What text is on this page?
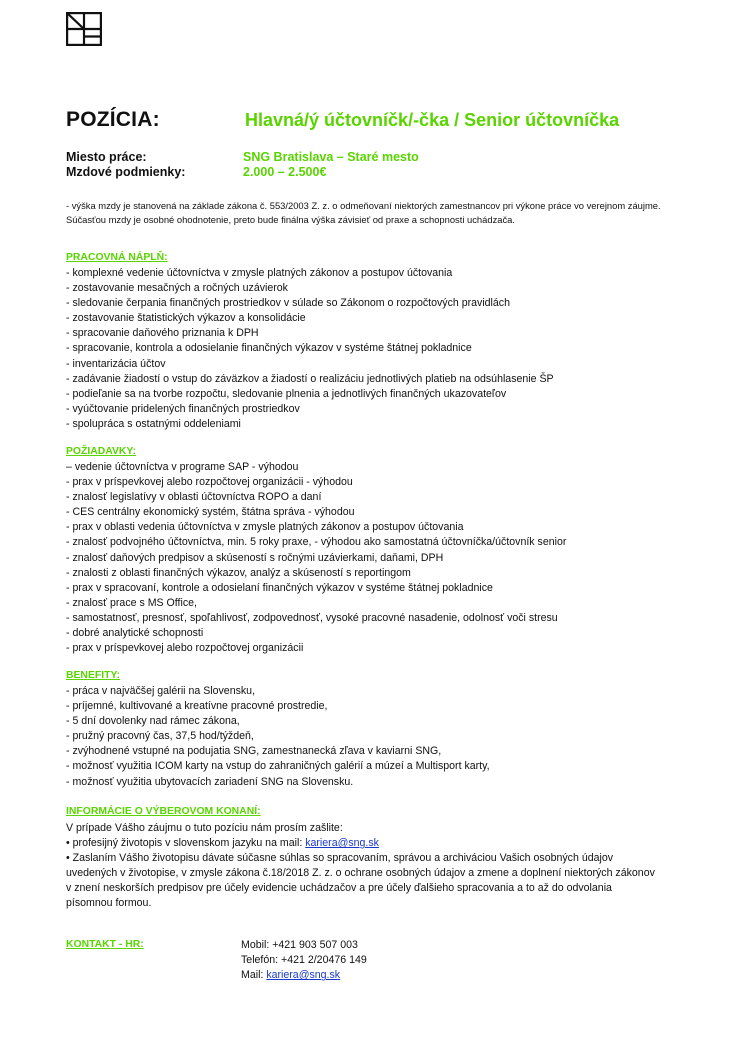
POZÍCIA:	Hlavná/ý účtovníčk/-čka / Senior účtovníčka
Miesto práce:	SNG Bratislava – Staré mesto
Mzdové podmienky:	2.000 – 2.500€
- výška mzdy je stanovená na základe zákona č. 553/2003 Z. z. o odmeňovaní niektorých zamestnancov pri výkone práce vo verejnom záujme. Súčasťou mzdy je osobné ohodnotenie, preto bude finálna výška závisieť od praxe a schopnosti uchádzača.
PRACOVNÁ NÁPLŇ:
- komplexné vedenie účtovníctva v zmysle platných zákonov a postupov účtovania
- zostavovanie mesačných a ročných uzávierok
- sledovanie čerpania finančných prostriedkov v súlade so Zákonom o rozpočtových pravidlách
- zostavovanie štatistických výkazov a konsolidácie
- spracovanie daňového priznania k DPH
- spracovanie, kontrola a odosielanie finančných výkazov v systéme štátnej pokladnice
- inventarizácia účtov
- zadávanie žiadostí o vstup do záväzkov a žiadostí o realizáciu jednotlivých platieb na odsúhlasenie ŠP
- podieľanie sa na tvorbe rozpočtu, sledovanie plnenia a jednotlivých finančných ukazovateľov
- vyúčtovanie pridelených finančných prostriedkov
- spolupráca s ostatnými oddeleniami
POŽIADAVKY:
– vedenie účtovníctva v programe SAP - výhodou
- prax v príspevkovej alebo rozpočtovej organizácii - výhodou
- znalosť legislatívy v oblasti účtovníctva ROPO a daní
- CES centrálny ekonomický systém, štátna správa - výhodou
- prax v oblasti vedenia účtovníctva v zmysle platných zákonov a postupov účtovania
- znalosť podvojného účtovníctva, min. 5 roky praxe, - výhodou ako samostatná účtovníčka/účtovník senior
- znalosť daňových predpisov a skúseností s ročnými uzávierkami, daňami, DPH
- znalosti z oblasti finančných výkazov, analýz a skúseností s reportingom
- prax v spracovaní, kontrole a odosielaní finančných výkazov v systéme štátnej pokladnice
- znalosť prace s MS Office,
- samostatnosť, presnosť, spoľahlivosť, zodpovednosť, vysoké pracovné nasadenie, odolnosť voči stresu
- dobré analytické schopnosti
- prax v príspevkovej alebo rozpočtovej organizácii
BENEFITY:
- práca v najväčšej galérii na Slovensku,
- príjemné, kultivované a kreatívne pracovné prostredie,
- 5 dní dovolenky nad rámec zákona,
- pružný pracovný čas, 37,5 hod/týždeň,
- zvýhodnené vstupné na podujatia SNG, zamestnanecká zľava v kaviarni SNG,
- možnosť využitia ICOM karty na vstup do zahraničných galérií a múzeí a Multisport karty,
- možnosť využitia ubytovacích zariadení SNG na Slovensku.
INFORMÁCIE O VÝBEROVOM KONANÍ:

V prípade Vášho záujmu o tuto pozíciu nám prosím zašlite:

• profesijný životopis v slovenskom jazyku na mail: kariera@sng.sk

• Zaslaním Vášho životopisu dávate súčasne súhlas so spracovaním, správou a archiváciou Vašich osobných údajov uvedených v životopise, v zmysle zákona č.18/2018 Z. z. o ochrane osobných údajov a zmene a doplnení niektorých zákonov v znení neskorších predpisov pre účely evidencie uchádzačov a pre účely ďalšieho spracovania a to až do odvolania písomnou formou.

KONTAKT - HR:	Mobil: +421 903 507 003
Telefón: +421 2/20476 149
Mail: kariera@sng.sk
